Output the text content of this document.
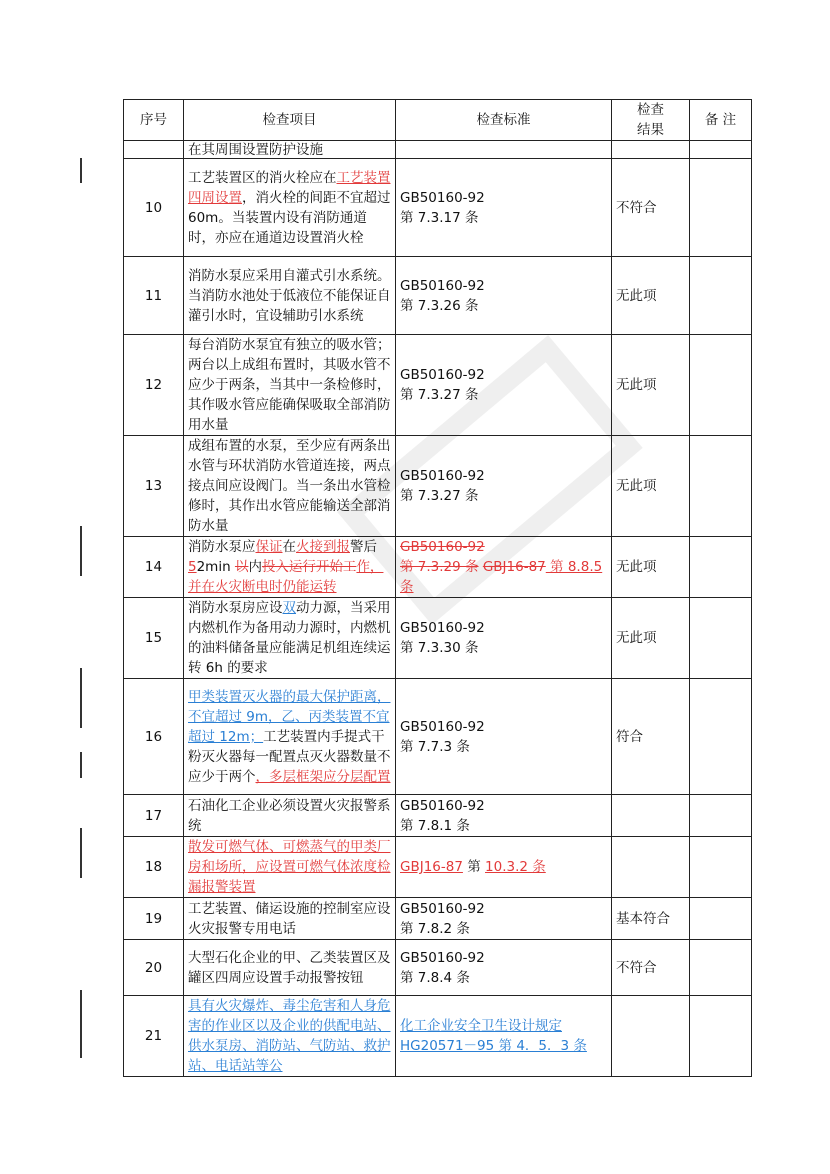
序号	检查项目	检查标准	检查
结果	备 注
	在其周围设置防护设施			
10	工艺装置区的消火栓应在工艺装置四周设置，消火栓的间距不宜超过 60m。当装置内设有消防通道时，亦应在通道边设置消火栓	GB50160-92
第 7.3.17 条	不符合	
11	消防水泵应采用自灌式引水系统。当消防水池处于低液位不能保证自灌引水时，宜设辅助引水系统	GB50160-92
第 7.3.26 条	无此项	
12	每台消防水泵宜有独立的吸水管；两台以上成组布置时，其吸水管不应少于两条，当其中一条检修时，其作吸水管应能确保吸取全部消防用水量	GB50160-92
第 7.3.27 条	无此项	
13	成组布置的水泵，至少应有两条出水管与环状消防水管道连接，两点接点间应设阀门。当一条出水管检修时，其作出水管应能输送全部消防水量	GB50160-92
第 7.3.27 条	无此项	
14	消防水泵应保证在火接到报警后 52min 以内投入运行开始工作，并在火灾断电时仍能运转	GB50160-92
第 7.3.29 条 GBJ16-87 第 8.8.5 条	无此项	
15	消防水泵房应设双动力源，当采用内燃机作为备用动力源时，内燃机的油料储备量应能满足机组连续运转 6h 的要求	GB50160-92
第 7.3.30 条	无此项	
16	甲类装置灭火器的最大保护距离，不宜超过 9m，乙、丙类装置不宜超过 12m；工艺装置内手提式干粉灭火器每一配置点灭火器数量不应少于两个，多层框架应分层配置	GB50160-92
第 7.7.3 条	符合	
17	石油化工企业必须设置火灾报警系统	GB50160-92
第 7.8.1 条		
18	散发可燃气体、可燃蒸气的甲类厂房和场所，应设置可燃气体浓度检漏报警装置	GBJ16-87 第 10.3.2 条		
19	工艺装置、储运设施的控制室应设火灾报警专用电话	GB50160-92
第 7.8.2 条	基本符合	
20	大型石化企业的甲、乙类装置区及罐区四周应设置手动报警按钮	GB50160-92
第 7.8.4 条	不符合	
21	具有火灾爆炸、毒尘危害和人身危害的作业区以及企业的供配电站、供水泵房、消防站、气防站、救护站、电话站等公	化工企业安全卫生设计规定 HG20571－95 第 4．5．3 条		
